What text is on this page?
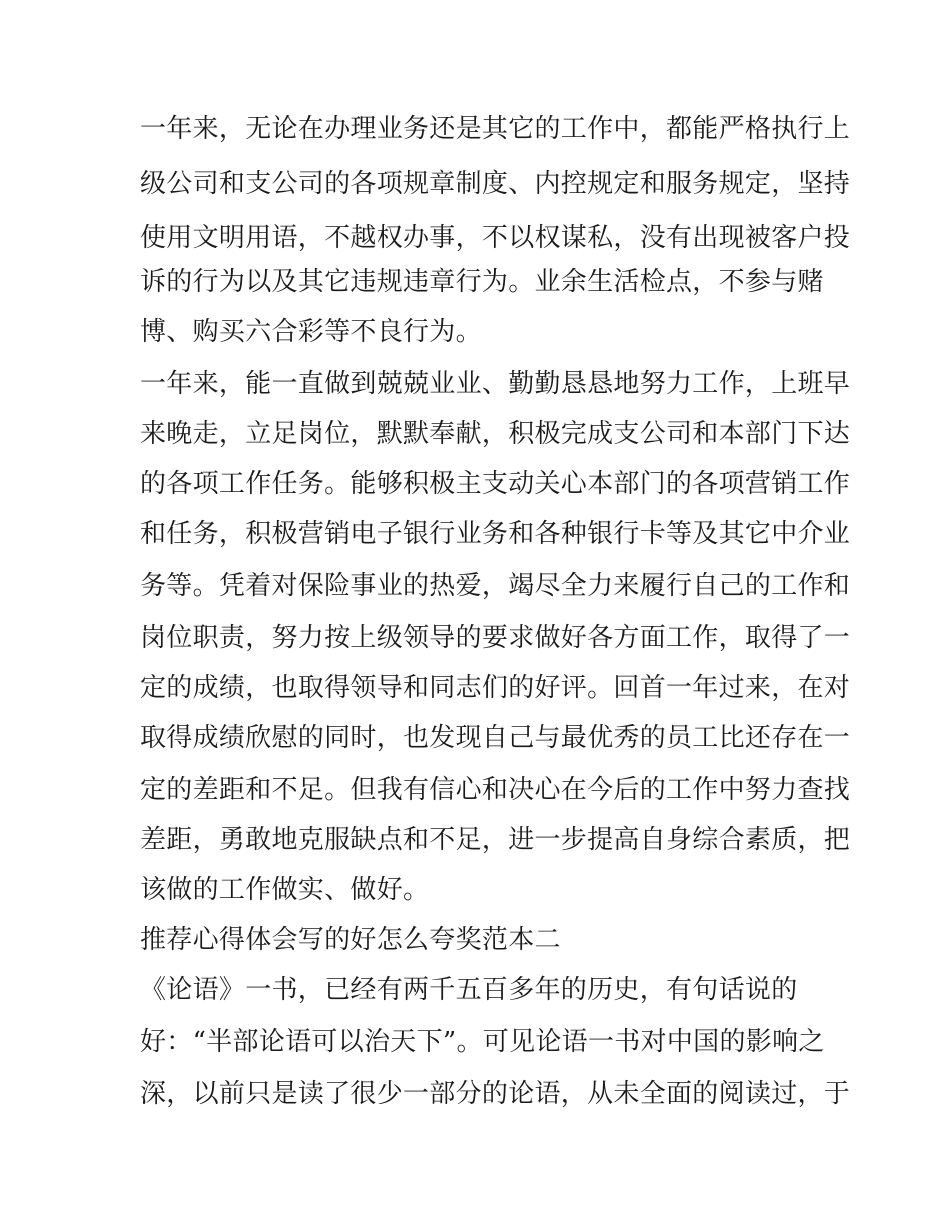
一年来，无论在办理业务还是其它的工作中，都能严格执行上

级公司和支公司的各项规章制度、内控规定和服务规定，坚持

使用文明用语，不越权办事，不以权谋私，没有出现被客户投

诉的行为以及其它违规违章行为。业余生活检点，不参与赌

博、购买六合彩等不良行为。

一年来，能一直做到兢兢业业、勤勤恳恳地努力工作，上班早

来晚走，立足岗位，默默奉献，积极完成支公司和本部门下达

的各项工作任务。能够积极主支动关心本部门的各项营销工作

和任务，积极营销电子银行业务和各种银行卡等及其它中介业

务等。凭着对保险事业的热爱，竭尽全力来履行自己的工作和

岗位职责，努力按上级领导的要求做好各方面工作，取得了一

定的成绩，也取得领导和同志们的好评。回首一年过来，在对

取得成绩欣慰的同时，也发现自己与最优秀的员工比还存在一

定的差距和不足。但我有信心和决心在今后的工作中努力查找

差距，勇敢地克服缺点和不足，进一步提高自身综合素质，把

该做的工作做实、做好。

推荐心得体会写的好怎么夸奖范本二

《论语》一书，已经有两千五百多年的历史，有句话说的

好：“半部论语可以治天下”。可见论语一书对中国的影响之

深，以前只是读了很少一部分的论语，从未全面的阅读过，于
